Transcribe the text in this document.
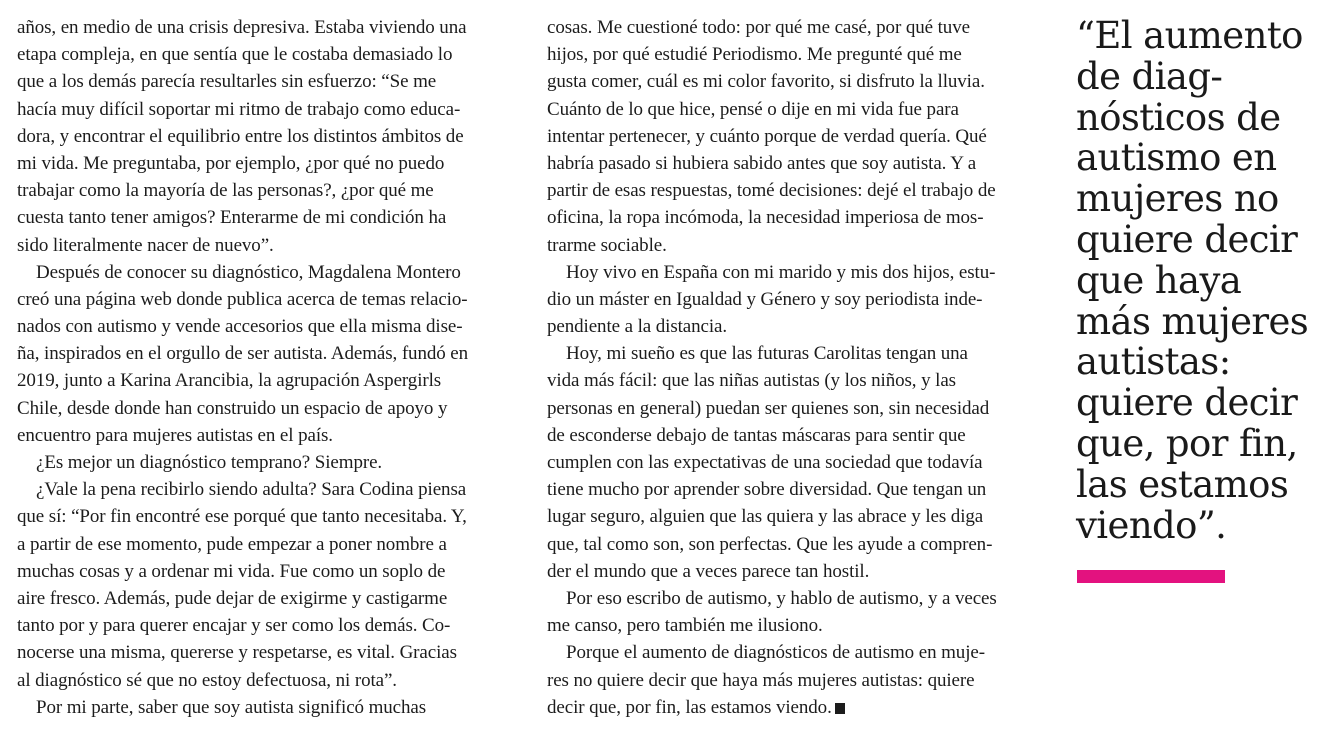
años, en medio de una crisis depresiva. Estaba viviendo una
etapa compleja, en que sentía que le costaba demasiado lo
que a los demás parecía resultarles sin esfuerzo: “Se me
hacía muy difícil soportar mi ritmo de trabajo como educa-
dora, y encontrar el equilibrio entre los distintos ámbitos de
mi vida. Me preguntaba, por ejemplo, ¿por qué no puedo
trabajar como la mayoría de las personas?, ¿por qué me
cuesta tanto tener amigos? Enterarme de mi condición ha
sido literalmente nacer de nuevo”.
Después de conocer su diagnóstico, Magdalena Montero
creó una página web donde publica acerca de temas relacio-
nados con autismo y vende accesorios que ella misma dise-
ña, inspirados en el orgullo de ser autista. Además, fundó en
2019, junto a Karina Arancibia, la agrupación Aspergirls
Chile, desde donde han construido un espacio de apoyo y
encuentro para mujeres autistas en el país.
¿Es mejor un diagnóstico temprano? Siempre.
¿Vale la pena recibirlo siendo adulta? Sara Codina piensa
que sí: “Por fin encontré ese porqué que tanto necesitaba. Y,
a partir de ese momento, pude empezar a poner nombre a
muchas cosas y a ordenar mi vida. Fue como un soplo de
aire fresco. Además, pude dejar de exigirme y castigarme
tanto por y para querer encajar y ser como los demás. Co-
nocerse una misma, quererse y respetarse, es vital. Gracias
al diagnóstico sé que no estoy defectuosa, ni rota”.
Por mi parte, saber que soy autista significó muchas
cosas. Me cuestioné todo: por qué me casé, por qué tuve
hijos, por qué estudié Periodismo. Me pregunté qué me
gusta comer, cuál es mi color favorito, si disfruto la lluvia.
Cuánto de lo que hice, pensé o dije en mi vida fue para
intentar pertenecer, y cuánto porque de verdad quería. Qué
habría pasado si hubiera sabido antes que soy autista. Y a
partir de esas respuestas, tomé decisiones: dejé el trabajo de
oficina, la ropa incómoda, la necesidad imperiosa de mos-
trarme sociable.
Hoy vivo en España con mi marido y mis dos hijos, estu-
dio un máster en Igualdad y Género y soy periodista inde-
pendiente a la distancia.
Hoy, mi sueño es que las futuras Carolitas tengan una
vida más fácil: que las niñas autistas (y los niños, y las
personas en general) puedan ser quienes son, sin necesidad
de esconderse debajo de tantas máscaras para sentir que
cumplen con las expectativas de una sociedad que todavía
tiene mucho por aprender sobre diversidad. Que tengan un
lugar seguro, alguien que las quiera y las abrace y les diga
que, tal como son, son perfectas. Que les ayude a compren-
der el mundo que a veces parece tan hostil.
Por eso escribo de autismo, y hablo de autismo, y a veces
me canso, pero también me ilusiono.
Porque el aumento de diagnósticos de autismo en muje-
res no quiere decir que haya más mujeres autistas: quiere
decir que, por fin, las estamos viendo.
“El aumento
de diag-
nósticos de
autismo en
mujeres no
quiere decir
que haya
más mujeres
autistas:
quiere decir
que, por fin,
las estamos
viendo”.
